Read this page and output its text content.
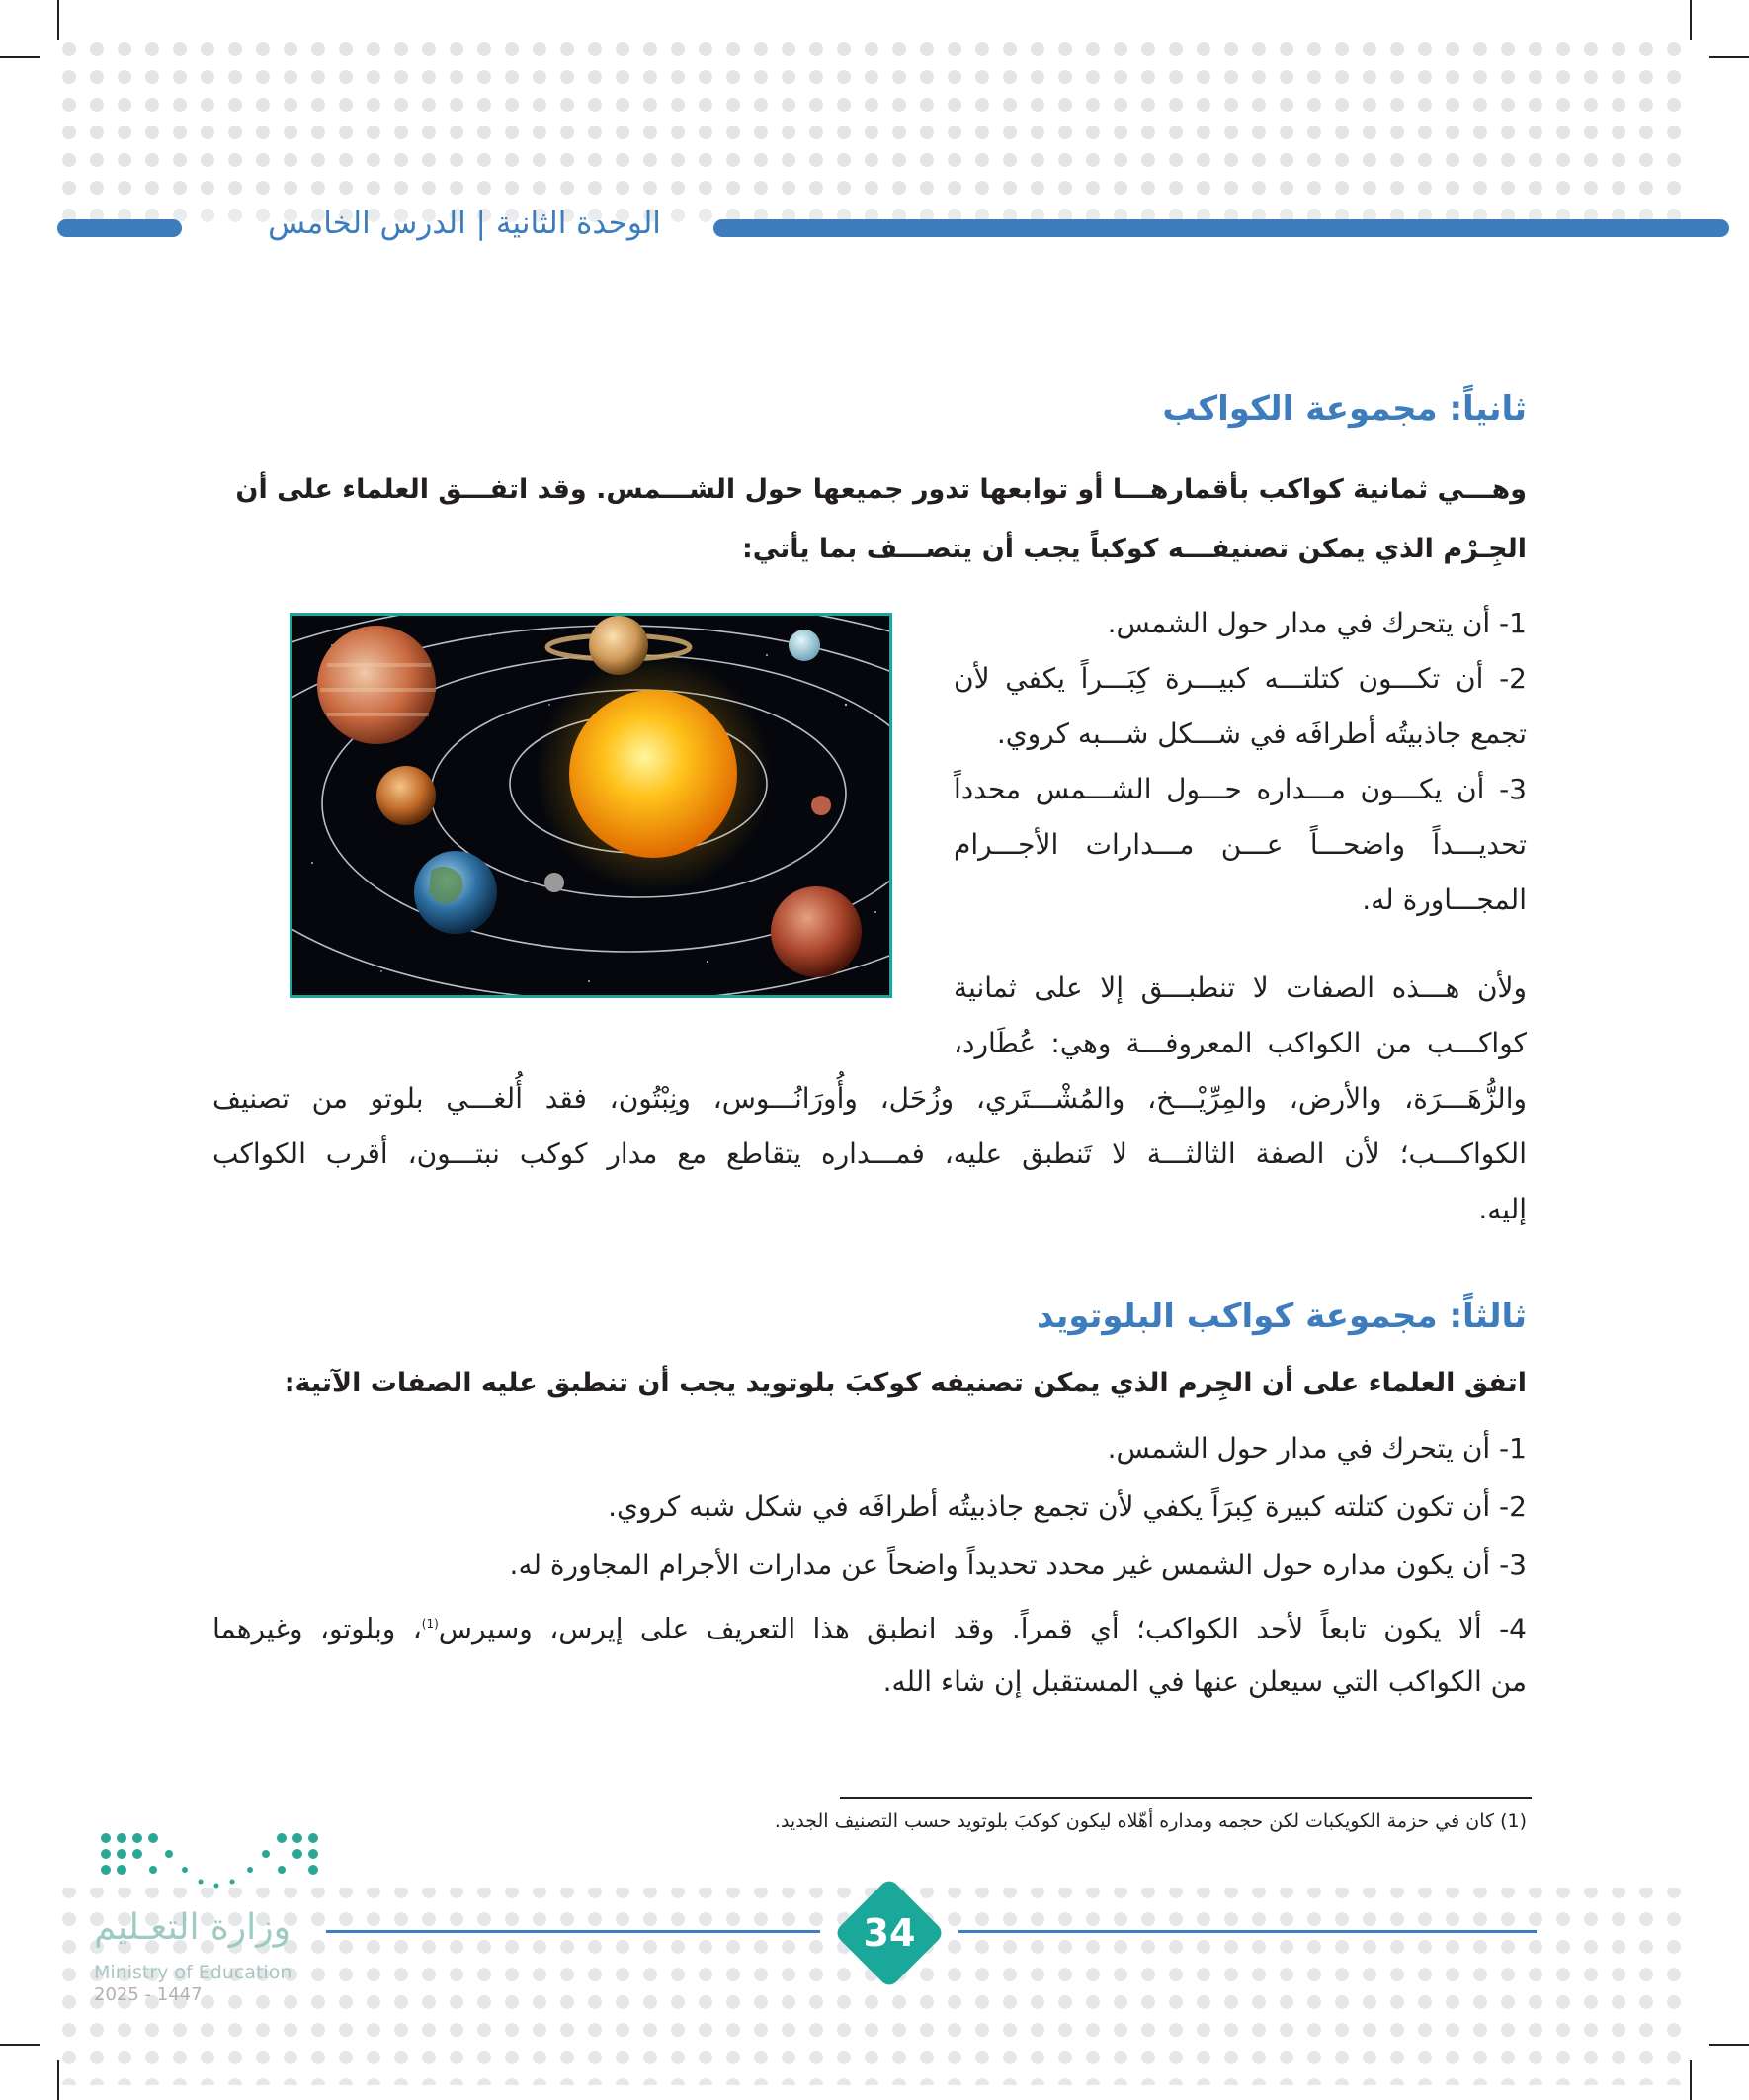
الوحدة الثانية | الدرس الخامس
ثانياً: مجموعة الكواكب
وهـــي ثمانية كواكب بأقمارهـــا أو توابعها تدور جميعها حول الشـــمس. وقد اتفـــق العلماء على أن
الجِـرْم الذي يمكن تصنيفـــه كوكباً يجب أن يتصـــف بما يأتي:
1- أن يتحرك في مدار حول الشمس.
2- أن تكـــون كتلتـــه كبيـــرة كِبَـــراً يكفي لأن تجمع جاذبيتُه أطرافَه في شـــكل شـــبه كروي.
3- أن يكـــون مـــداره حـــول الشـــمس محدداً تحديـــداً واضحـــاً عـــن مـــدارات الأجـــرام المجـــاورة له.
ولأن هـــذه الصفات لا تنطبـــق إلا على ثمانية
كواكـــب من الكواكب المعروفـــة وهي: عُطَارد،
والزُّهَـــرَة، والأرض، والمِرِّيْـــخ، والمُشْـــتَري، وزُحَل، وأُورَانُـــوس، ونِبْتُون، فقد أُلغـــي بلوتو من تصنيف
الكواكـــب؛ لأن الصفة الثالثـــة لا تَنطبق عليه، فمـــداره يتقاطع مع مدار كوكب نبتـــون، أقرب الكواكب
إليه.
ثالثاً: مجموعة كواكب البلوتويد
اتفق العلماء على أن الجِرم الذي يمكن تصنيفه كوكبَ بلوتويد يجب أن تنطبق عليه الصفات الآتية:
1- أن يتحرك في مدار حول الشمس.
2- أن تكون كتلته كبيرة كِبرَاً يكفي لأن تجمع جاذبيتُه أطرافَه في شكل شبه كروي.
3- أن يكون مداره حول الشمس غير محدد تحديداً واضحاً عن مدارات الأجرام المجاورة له.
4- ألا يكون تابعاً لأحد الكواكب؛ أي قمراً. وقد انطبق هذا التعريف على إيرس، وسيرس$^{(1)}$، وبلوتو، وغيرهما
من الكواكب التي سيعلن عنها في المستقبل إن شاء الله.
(1) كان في حزمة الكويكبات لكن حجمه ومداره أهّلاه ليكون كوكبَ بلوتويد حسب التصنيف الجديد.
34
وزارة التعـليم
Ministry of Education
2025 - 1447
